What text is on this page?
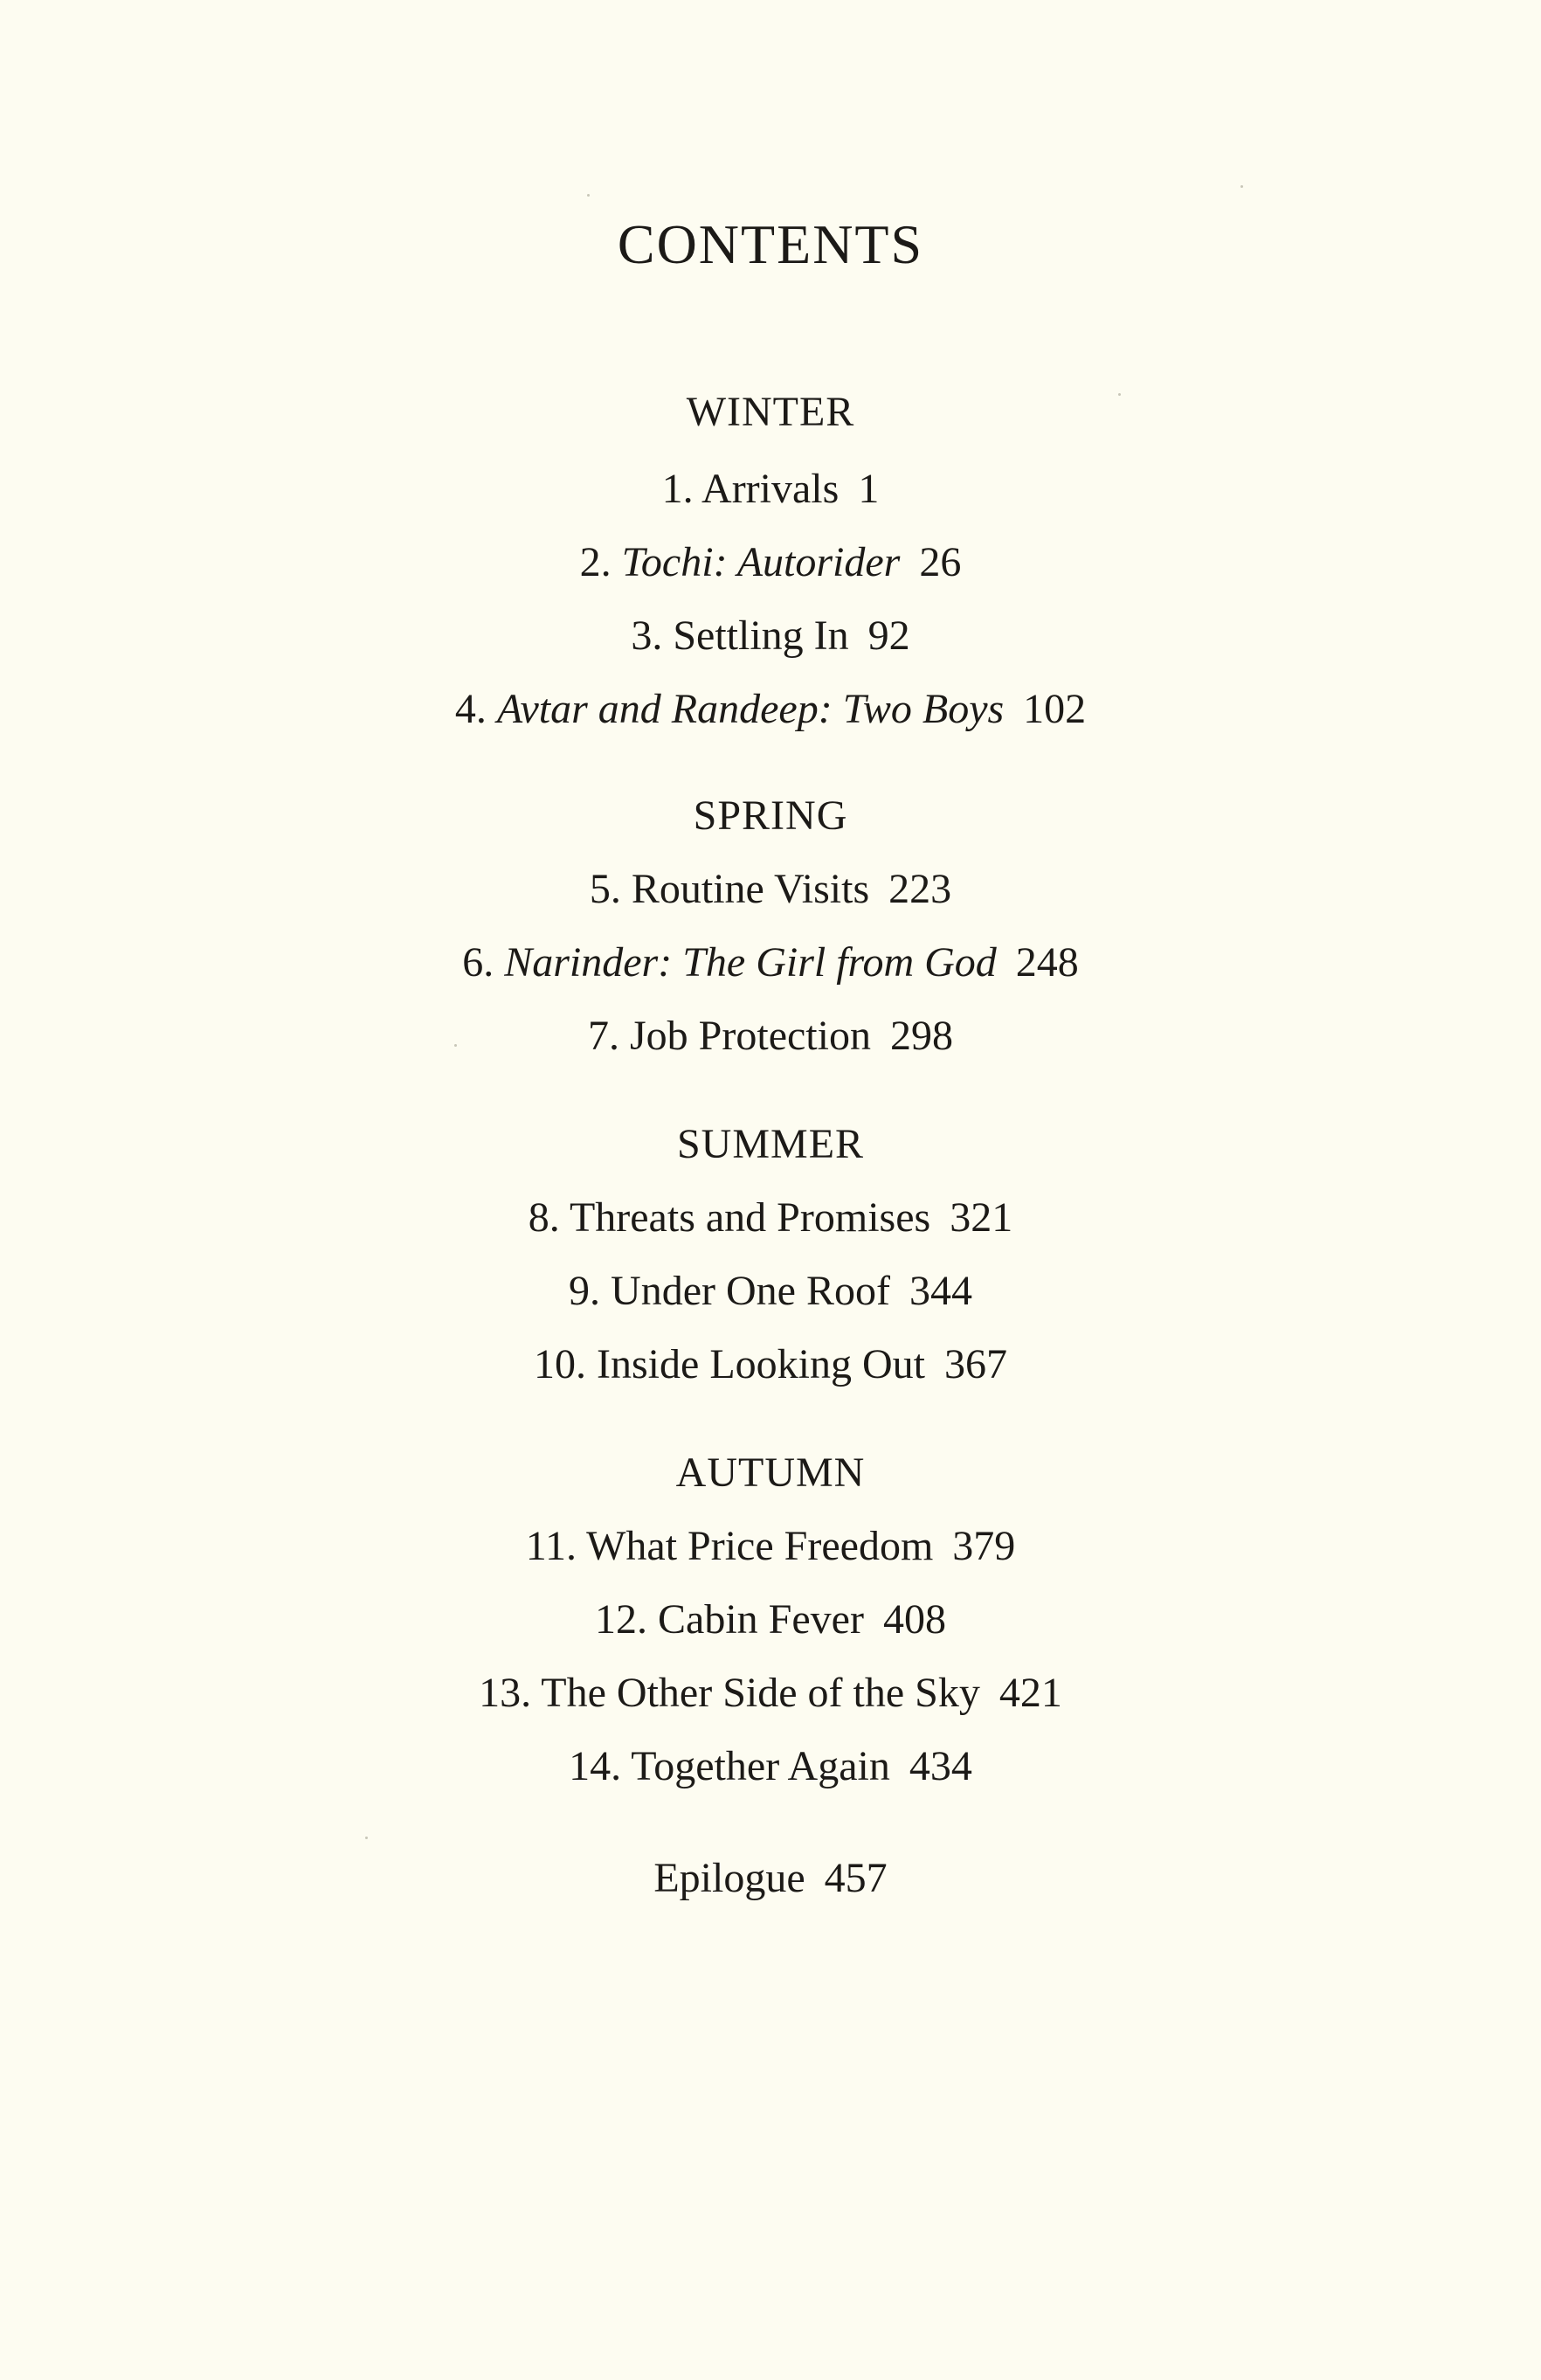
CONTENTS
WINTER
1. Arrivals 1
2. Tochi: Autorider 26
3. Settling In 92
4. Avtar and Randeep: Two Boys 102
SPRING
5. Routine Visits 223
6. Narinder: The Girl from God 248
7. Job Protection 298
SUMMER
8. Threats and Promises 321
9. Under One Roof 344
10. Inside Looking Out 367
AUTUMN
11. What Price Freedom 379
12. Cabin Fever 408
13. The Other Side of the Sky 421
14. Together Again 434
Epilogue 457
